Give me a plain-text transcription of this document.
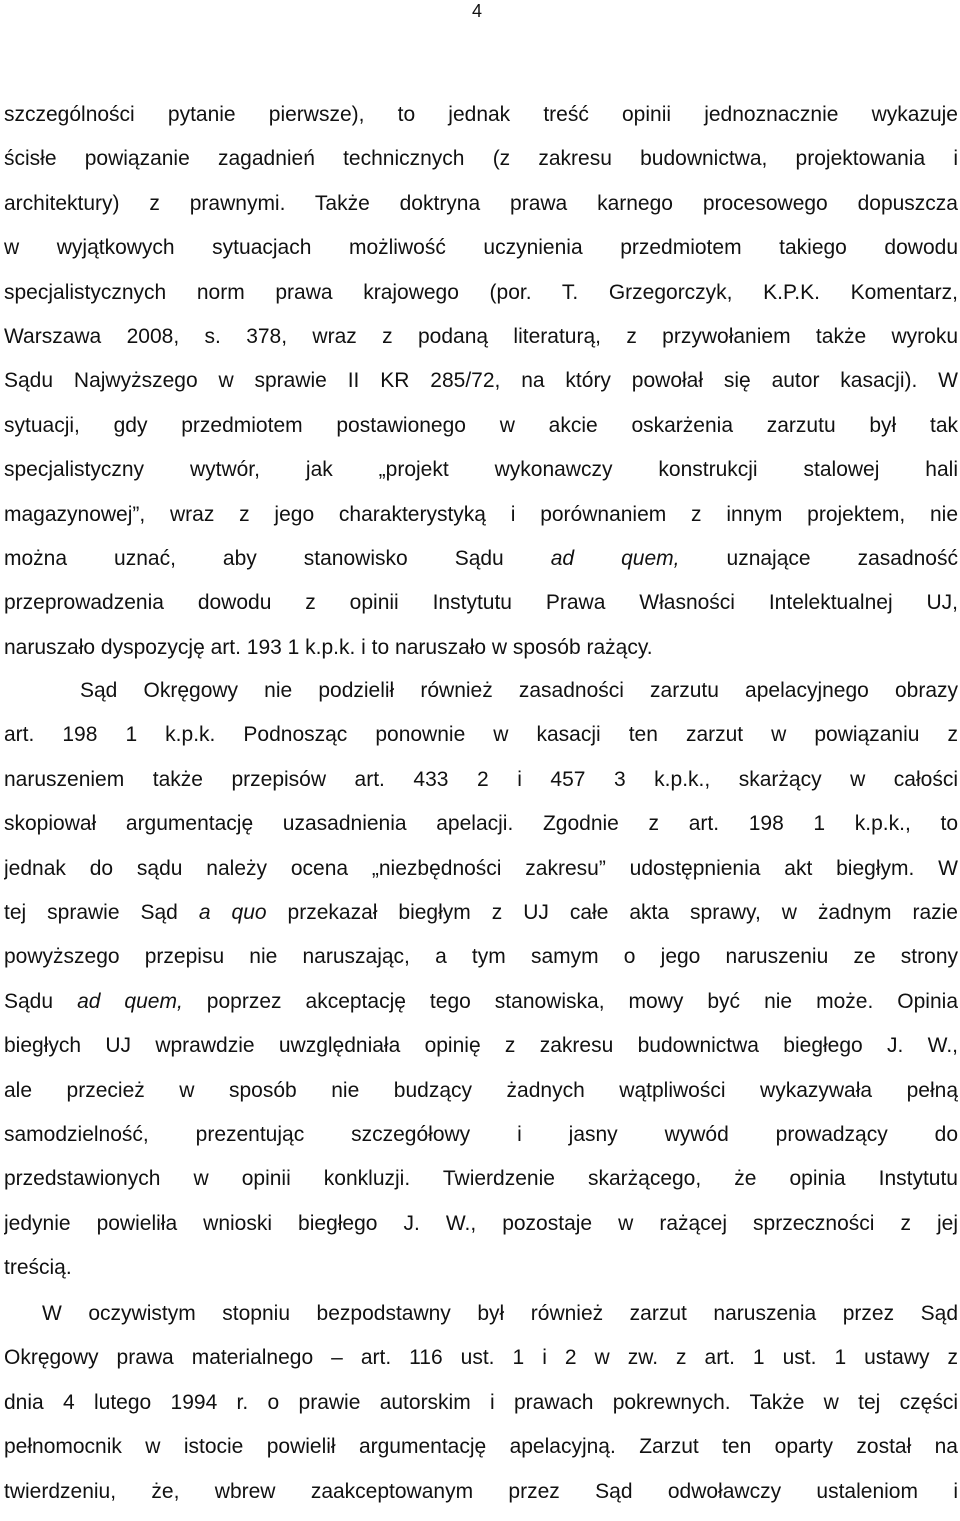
4
szczególności pytanie pierwsze), to jednak treść opinii jednoznacznie wykazuje
ścisłe powiązanie zagadnień technicznych (z zakresu budownictwa, projektowania i
architektury) z prawnymi. Także doktryna prawa karnego procesowego dopuszcza
w wyjątkowych sytuacjach możliwość uczynienia przedmiotem takiego dowodu
specjalistycznych norm prawa krajowego (por. T. Grzegorczyk, K.P.K. Komentarz,
Warszawa 2008, s. 378, wraz z podaną literaturą, z przywołaniem także wyroku
Sądu Najwyższego w sprawie II KR 285/72, na który powołał się autor kasacji). W
sytuacji, gdy przedmiotem postawionego w akcie oskarżenia zarzutu był tak
specjalistyczny wytwór, jak „projekt wykonawczy konstrukcji stalowej hali
magazynowej”, wraz z jego charakterystyką i porównaniem z innym projektem, nie
można uznać, aby stanowisko Sądu ad quem, uznające zasadność
przeprowadzenia dowodu z opinii Instytutu Prawa Własności Intelektualnej UJ,
naruszało dyspozycję art. 193 1 k.p.k. i to naruszało w sposób rażący.
Sąd Okręgowy nie podzielił również zasadności zarzutu apelacyjnego obrazy
art. 198 1 k.p.k. Podnosząc ponownie w kasacji ten zarzut w powiązaniu z
naruszeniem także przepisów art. 433 2 i 457 3 k.p.k., skarżący w całości
skopiował argumentację uzasadnienia apelacji. Zgodnie z art. 198 1 k.p.k., to
jednak do sądu należy ocena „niezbędności zakresu” udostępnienia akt biegłym. W
tej sprawie Sąd a quo przekazał biegłym z UJ całe akta sprawy, w żadnym razie
powyższego przepisu nie naruszając, a tym samym o jego naruszeniu ze strony
Sądu ad quem, poprzez akceptację tego stanowiska, mowy być nie może. Opinia
biegłych UJ wprawdzie uwzględniała opinię z zakresu budownictwa biegłego J. W.,
ale przecież w sposób nie budzący żadnych wątpliwości wykazywała pełną
samodzielność, prezentując szczegółowy i jasny wywód prowadzący do
przedstawionych w opinii konkluzji. Twierdzenie skarżącego, że opinia Instytutu
jedynie powieliła wnioski biegłego J. W., pozostaje w rażącej sprzeczności z jej
treścią.
W oczywistym stopniu bezpodstawny był również zarzut naruszenia przez Sąd
Okręgowy prawa materialnego – art. 116 ust. 1 i 2 w zw. z art. 1 ust. 1 ustawy z
dnia 4 lutego 1994 r. o prawie autorskim i prawach pokrewnych. Także w tej części
pełnomocnik w istocie powielił argumentację apelacyjną. Zarzut ten oparty został na
twierdzeniu, że, wbrew zaakceptowanym przez Sąd odwoławczy ustaleniom i
